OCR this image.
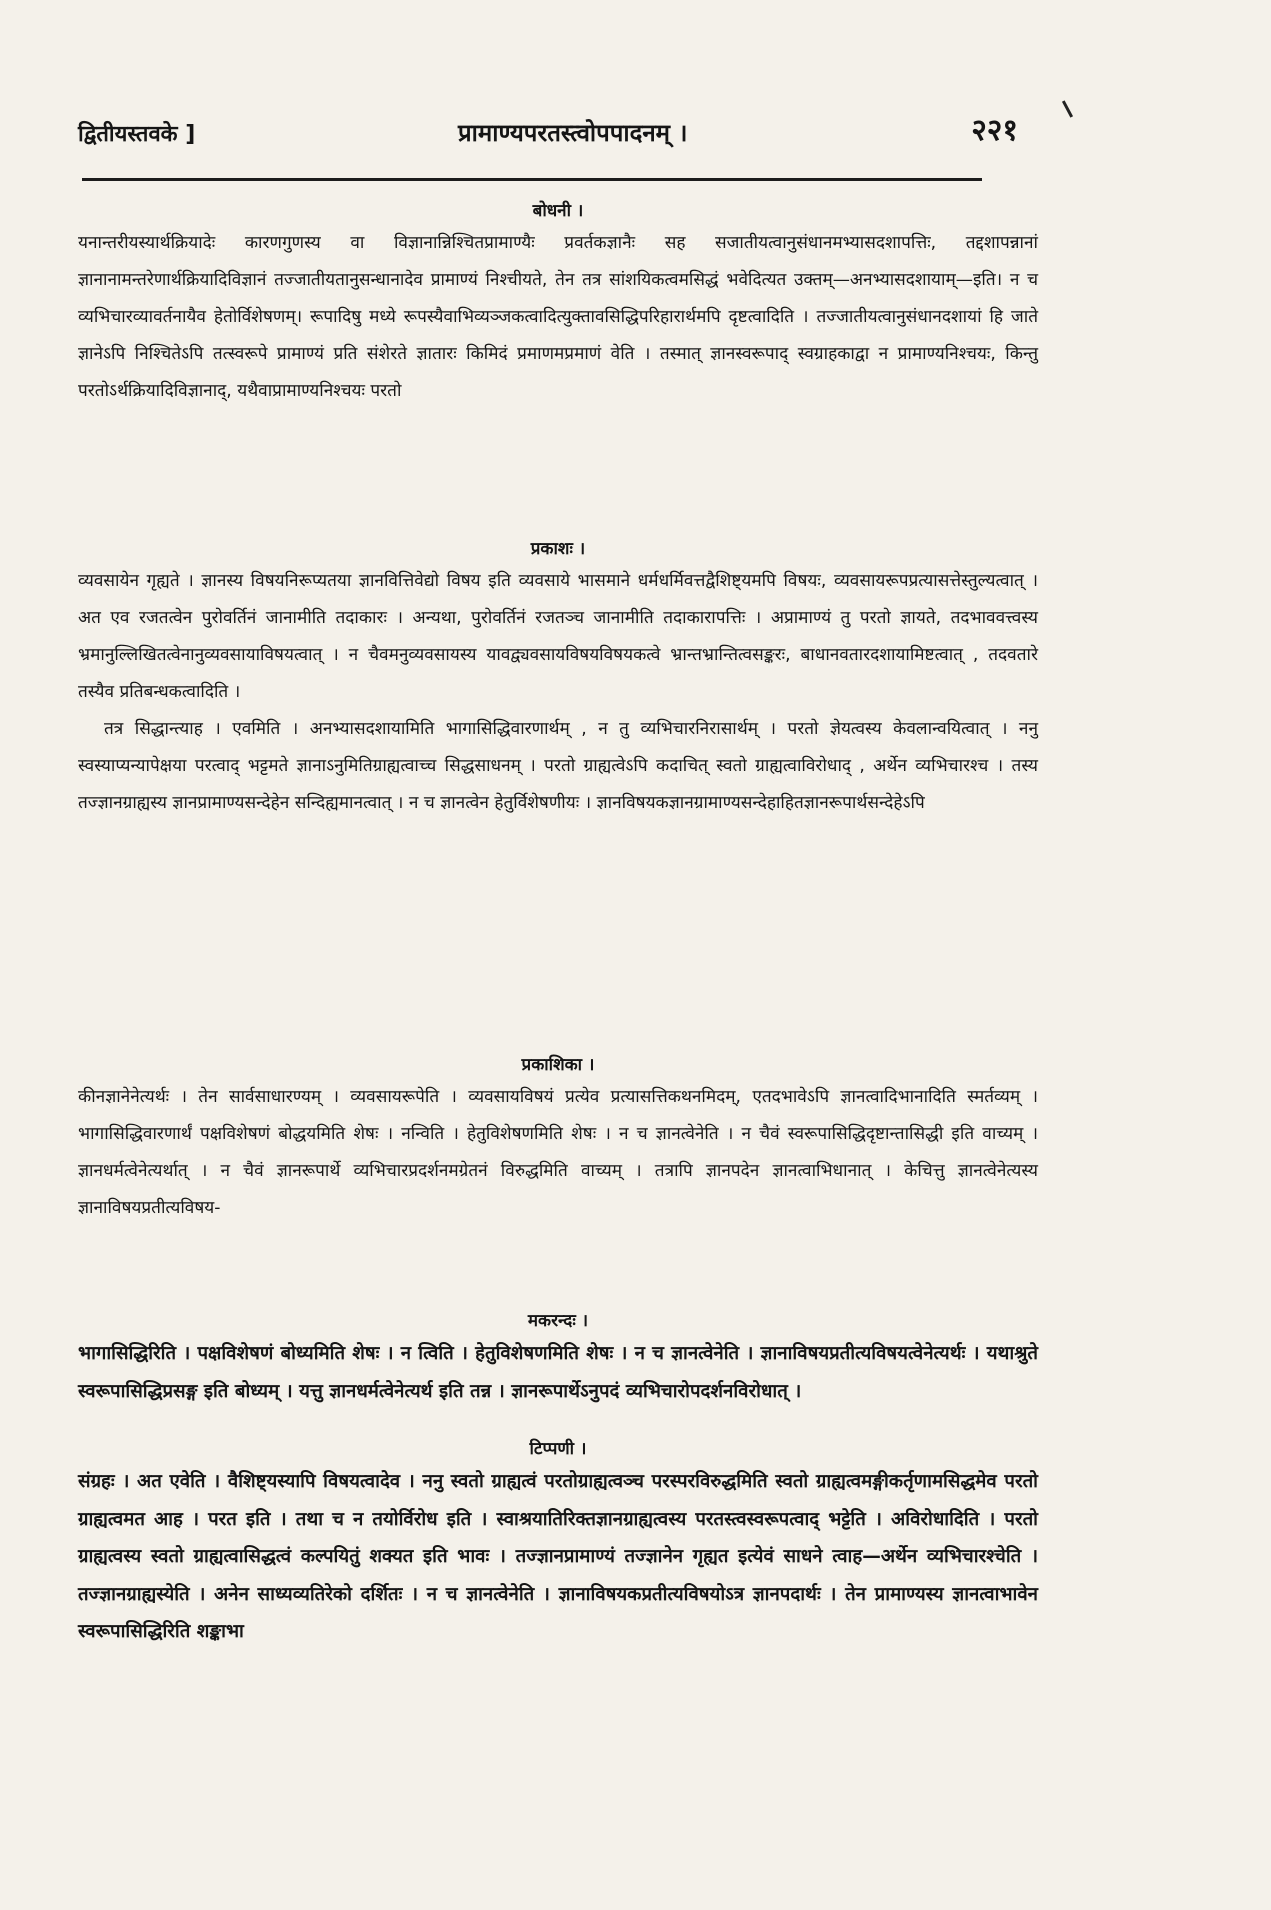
द्वितीयस्तवके ]	प्रामाण्यपरतस्त्वोपपादनम् ।	२२१
बोधनी ।

यनान्तरीयस्यार्थक्रियादेः कारणगुणस्य वा विज्ञानान्निश्चितप्रामाण्यैः प्रवर्तकज्ञानैः सह सजातीयत्वानुसंधानमभ्यासदशापत्तिः, तद्दशापन्नानां ज्ञानानामन्तरेणार्थक्रियादिविज्ञानं तज्जातीयतानुसन्धानादेव प्रामाण्यं निश्चीयते, तेन तत्र सांशयिकत्वमसिद्धं भवेदित्यत उक्तम्—अनभ्यासदशायाम्—इति। न च व्यभिचारव्यावर्तनायैव हेतोर्विशेषणम्। रूपादिषु मध्ये रूपस्यैवाभिव्यञ्जकत्वादित्युक्तावसिद्धिपरिहारार्थमपि दृष्टत्वादिति । तज्जातीयत्वानुसंधानदशायां हि जाते ज्ञानेऽपि निश्चितेऽपि तत्स्वरूपे प्रामाण्यं प्रति संशेरते ज्ञातारः किमिदं प्रमाणमप्रमाणं वेति । तस्मात् ज्ञानस्वरूपाद् स्वग्राहकाद्वा न प्रामाण्यनिश्चयः, किन्तु परतोऽर्थक्रियादिविज्ञानाद्, यथैवाप्रामाण्यनिश्चयः परतो

प्रकाशः ।

व्यवसायेन गृह्यते । ज्ञानस्य विषयनिरूप्यतया ज्ञानवित्तिवेद्यो विषय इति व्यवसाये भासमाने धर्मधर्मिवत्तद्वैशिष्ट्यमपि विषयः, व्यवसायरूपप्रत्यासत्तेस्तुल्यत्वात् । अत एव रजतत्वेन पुरोवर्तिनं जानामीति तदाकारः । अन्यथा, पुरोवर्तिनं रजतञ्च जानामीति तदाकारापत्तिः । अप्रामाण्यं तु परतो ज्ञायते, तदभाववत्त्वस्य भ्रमानुल्लिखितत्वेनानुव्यवसायाविषयत्वात् । न चैवमनुव्यवसायस्य यावद्व्यवसायविषयविषयकत्वे भ्रान्तभ्रान्तित्वसङ्करः, बाधानवतारदशायामिष्टत्वात् , तदवतारे तस्यैव प्रतिबन्धकत्वादिति ।

तत्र सिद्धान्त्याह । एवमिति । अनभ्यासदशायामिति भागासिद्धिवारणार्थम् , न तु व्यभिचारनिरासार्थम् । परतो ज्ञेयत्वस्य केवलान्वयित्वात् । ननु स्वस्याप्यन्यापेक्षया परत्वाद् भट्टमते ज्ञानाऽनुमितिग्राह्यत्वाच्च सिद्धसाधनम् । परतो ग्राह्यत्वेऽपि कदाचित् स्वतो ग्राह्यत्वाविरोधाद् , अर्थेन व्यभिचारश्च । तस्य तज्ज्ञानग्राह्यस्य ज्ञानप्रामाण्यसन्देहेन सन्दिह्यमानत्वात् । न च ज्ञानत्वेन हेतुर्विशेषणीयः । ज्ञानविषयकज्ञानग्रामाण्यसन्देहाहितज्ञानरूपार्थसन्देहेऽपि

प्रकाशिका ।

कीनज्ञानेनेत्यर्थः । तेन सार्वसाधारण्यम् । व्यवसायरूपेति । व्यवसायविषयं प्रत्येव प्रत्यासत्तिकथनमिदम्, एतदभावेऽपि ज्ञानत्वादिभानादिति स्मर्तव्यम् । भागासिद्धिवारणार्थं पक्षविशेषणं बोद्धयमिति शेषः । नन्विति । हेतुविशेषणमिति शेषः । न च ज्ञानत्वेनेति । न चैवं स्वरूपासिद्धिदृष्टान्तासिद्धी इति वाच्यम् । ज्ञानधर्मत्वेनेत्यर्थात् । न चैवं ज्ञानरूपार्थे व्यभिचारप्रदर्शनमग्रेतनं विरुद्धमिति वाच्यम् । तत्रापि ज्ञानपदेन ज्ञानत्वाभिधानात् । केचित्तु ज्ञानत्वेनेत्यस्य ज्ञानाविषयप्रतीत्यविषय-

मकरन्दः ।

भागासिद्धिरिति । पक्षविशेषणं बोध्यमिति शेषः । न त्विति । हेतुविशेषणमिति शेषः । न च ज्ञानत्वेनेति । ज्ञानाविषयप्रतीत्यविषयत्वेनेत्यर्थः । यथाश्रुते स्वरूपासिद्धिप्रसङ्ग इति बोध्यम् । यत्तु ज्ञानधर्मत्वेनेत्यर्थ इति तन्न । ज्ञानरूपार्थेऽनुपदं व्यभिचारोपदर्शनविरोधात् ।

टिप्पणी ।

संग्रहः । अत एवेति । वैशिष्ट्यस्यापि विषयत्वादेव । ननु स्वतो ग्राह्यत्वं परतोग्राह्यत्वञ्च परस्परविरुद्धमिति स्वतो ग्राह्यत्वमङ्गीकर्तृणामसिद्धमेव परतो ग्राह्यत्वमत आह । परत इति । तथा च न तयोर्विरोध इति । स्वाश्रयातिरिक्तज्ञानग्राह्यत्वस्य परतस्त्वस्वरूपत्वाद् भट्टेति । अविरोधादिति । परतो ग्राह्यत्वस्य स्वतो ग्राह्यत्वासिद्धत्वं कल्पयितुं शक्यत इति भावः । तज्ज्ञानप्रामाण्यं तज्ज्ञानेन गृह्यत इत्येवं साधने त्वाह—अर्थेन व्यभिचारश्चेति । तज्ज्ञानग्राह्यस्येति । अनेन साध्यव्यतिरेको दर्शितः । न च ज्ञानत्वेनेति । ज्ञानाविषयकप्रतीत्यविषयोऽत्र ज्ञानपदार्थः । तेन प्रामाण्यस्य ज्ञानत्वाभावेन स्वरूपासिद्धिरिति शङ्काभा
